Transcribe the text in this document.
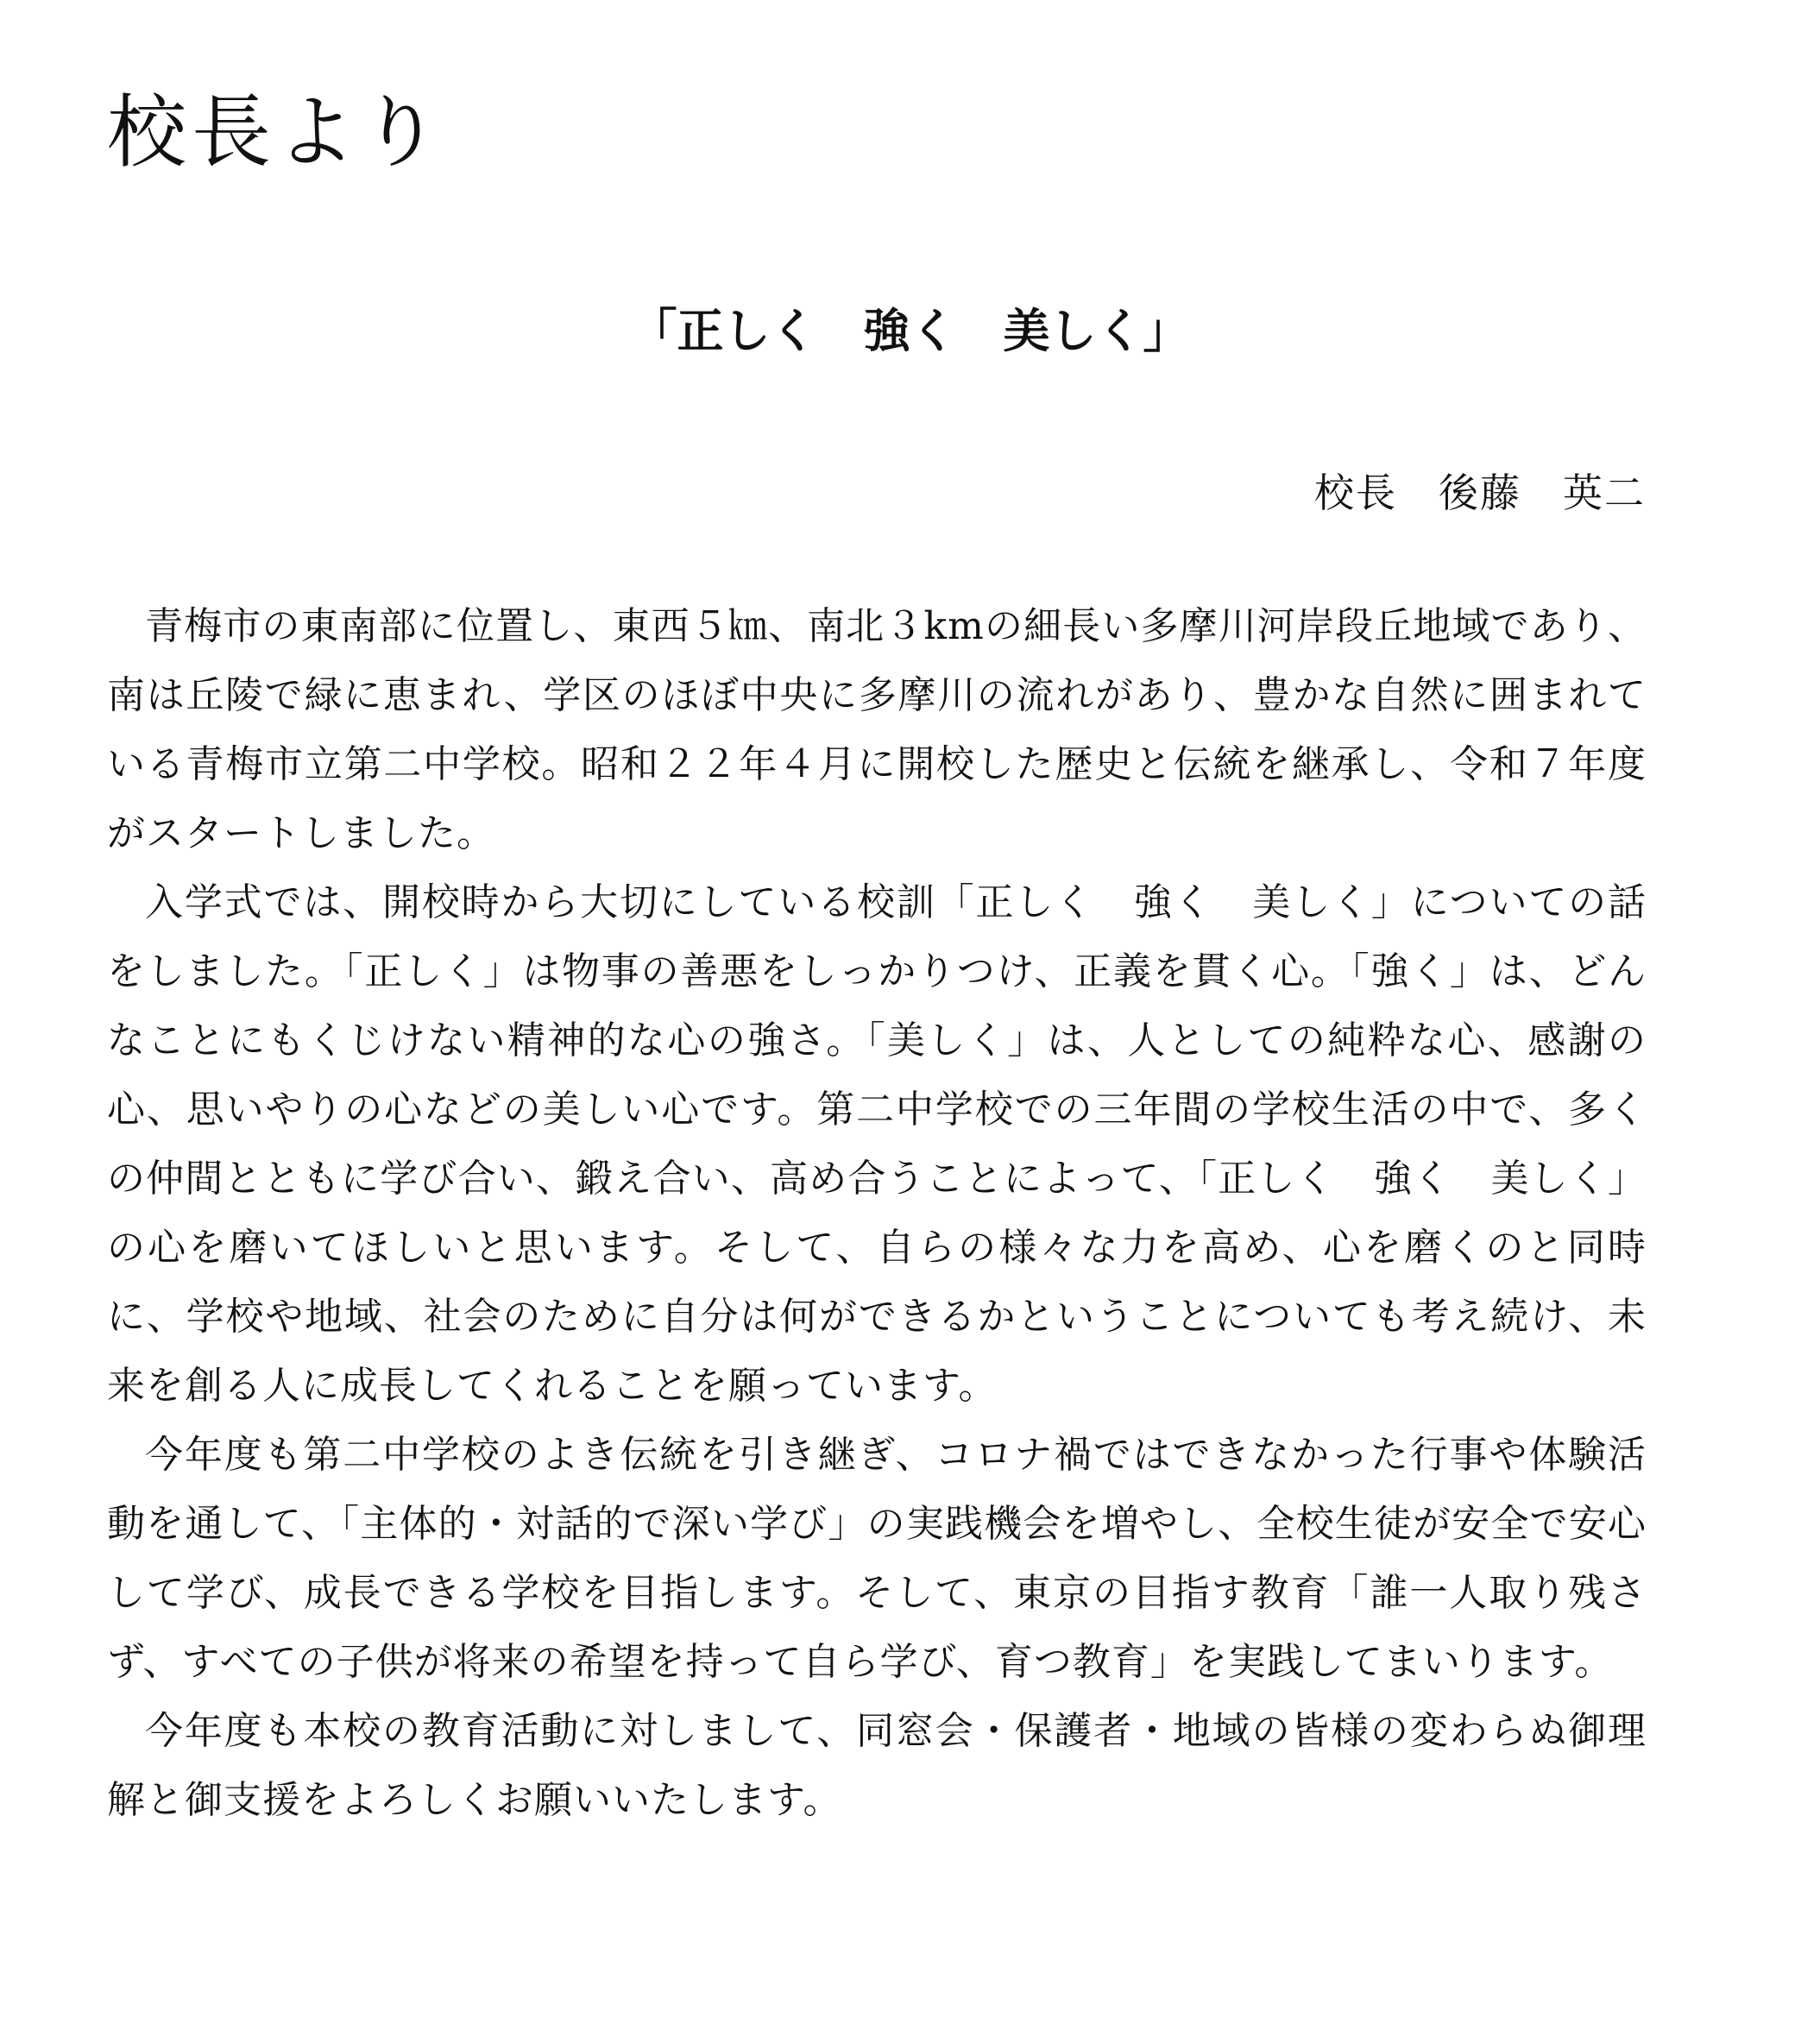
校長より
「正しく　強く　美しく」
校長　後藤　英二

青梅市の東南部に位置し、東西５㎞、南北３kmの細長い多摩川河岸段丘地域であり、南は丘陵で緑に恵まれ、学区のほぼ中央に多摩川の流れがあり、豊かな自然に囲まれている青梅市立第二中学校。昭和２２年４月に開校した歴史と伝統を継承し、令和７年度がスタートしました。

入学式では、開校時から大切にしている校訓「正しく　強く　美しく」についての話をしました。「正しく」は物事の善悪をしっかりつけ、正義を貫く心。「強く」は、どんなことにもくじけない精神的な心の強さ。「美しく」は、人としての純粋な心、感謝の心、思いやりの心などの美しい心です。第二中学校での三年間の学校生活の中で、多くの仲間とともに学び合い、鍛え合い、高め合うことによって、「正しく　強く　美しく」の心を磨いてほしいと思います。そして、自らの様々な力を高め、心を磨くのと同時に、学校や地域、社会のために自分は何ができるかということについても考え続け、未来を創る人に成長してくれることを願っています。

今年度も第二中学校のよき伝統を引き継ぎ、コロナ禍ではできなかった行事や体験活動を通して、「主体的・対話的で深い学び」の実践機会を増やし、全校生徒が安全で安心して学び、成長できる学校を目指します。そして、東京の目指す教育「誰一人取り残さず、すべての子供が将来の希望を持って自ら学び、育つ教育」を実践してまいります。

今年度も本校の教育活動に対しまして、同窓会・保護者・地域の皆様の変わらぬ御理解と御支援をよろしくお願いいたします。
